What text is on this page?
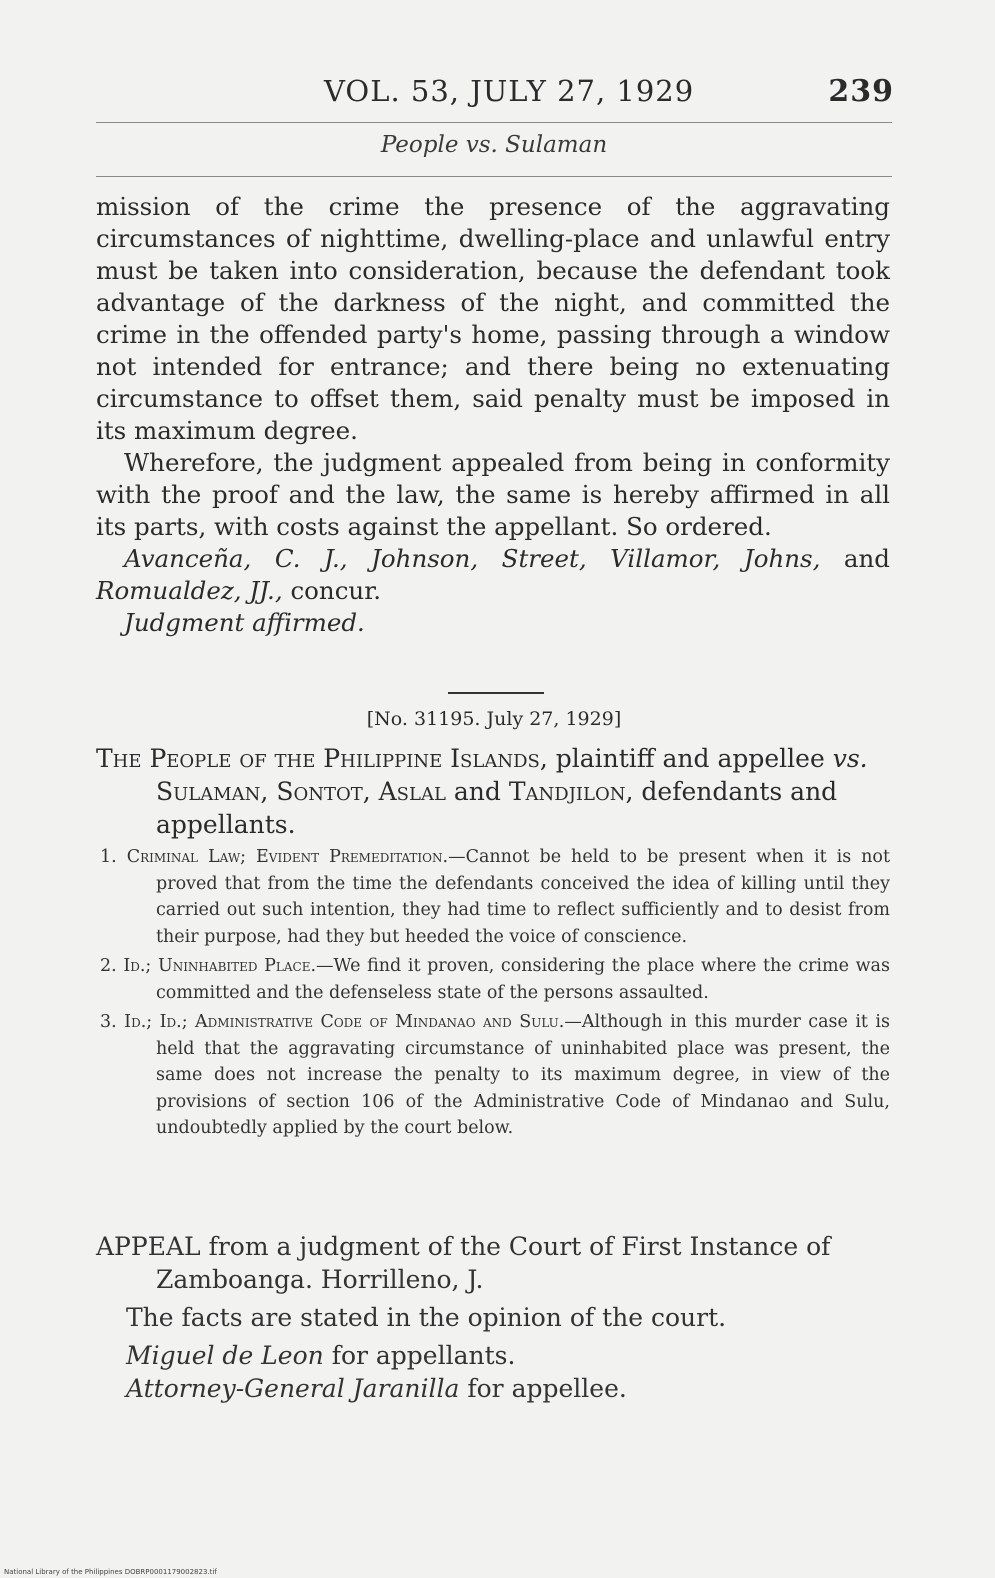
VOL. 53, JULY 27, 1929	239
People vs. Sulaman

mission of the crime the presence of the aggravating circumstances of nighttime, dwelling-place and unlawful entry must be taken into consideration, because the defendant took advantage of the darkness of the night, and committed the crime in the offended party's home, passing through a window not intended for entrance; and there being no extenuating circumstance to offset them, said penalty must be imposed in its maximum degree.

Wherefore, the judgment appealed from being in conformity with the proof and the law, the same is hereby affirmed in all its parts, with costs against the appellant. So ordered.

Avanceña, C. J., Johnson, Street, Villamor, Johns, and Romualdez, JJ., concur.

Judgment affirmed.

[No. 31195. July 27, 1929]

The People of the Philippine Islands, plaintiff and appellee vs. Sulaman, Sontot, Aslal and Tandjilon, defendants and appellants.

1. Criminal Law; Evident Premeditation.—Cannot be held to be present when it is not proved that from the time the defendants conceived the idea of killing until they carried out such intention, they had time to reflect sufficiently and to desist from their purpose, had they but heeded the voice of conscience.

2. Id.; Uninhabited Place.—We find it proven, considering the place where the crime was committed and the defenseless state of the persons assaulted.

3. Id.; Id.; Administrative Code of Mindanao and Sulu.—Although in this murder case it is held that the aggravating circumstance of uninhabited place was present, the same does not increase the penalty to its maximum degree, in view of the provisions of section 106 of the Administrative Code of Mindanao and Sulu, undoubtedly applied by the court below.

APPEAL from a judgment of the Court of First Instance of Zamboanga. Horrilleno, J.

The facts are stated in the opinion of the court.

Miguel de Leon for appellants.

Attorney-General Jaranilla for appellee.

National Library of the Philippines DOBRP0001179002823.tif
